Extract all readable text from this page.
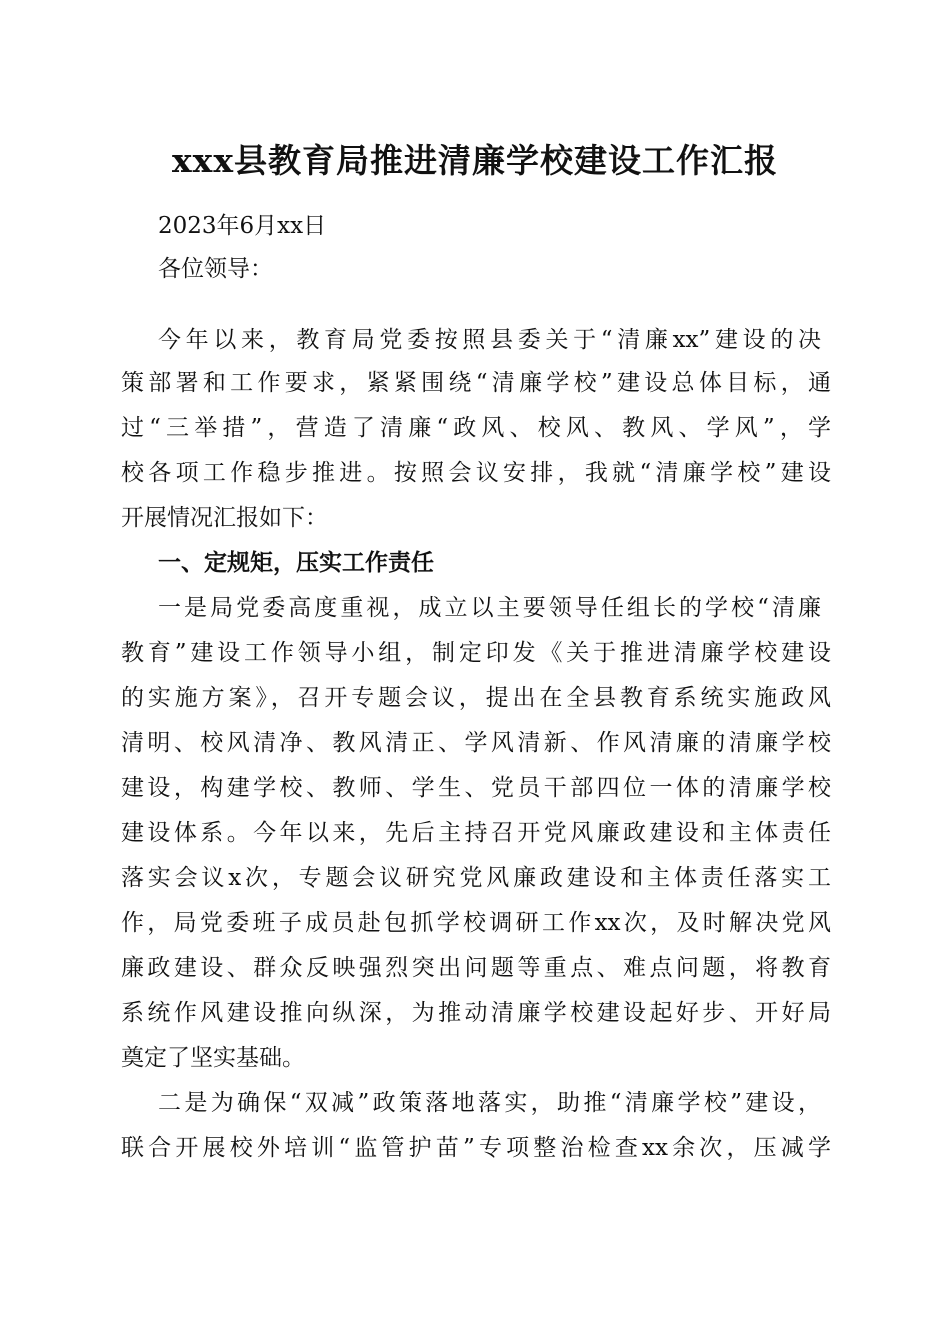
xxx县教育局推进清廉学校建设工作汇报
2023年6月xx日
各位领导：
今年以来，教育局党委按照县委关于“清廉xx”建设的决
策部署和工作要求，紧紧围绕“清廉学校”建设总体目标，通
过“三举措”，营造了清廉“政风、校风、教风、学风”，学
校各项工作稳步推进。按照会议安排，我就“清廉学校”建设
开展情况汇报如下：
一、定规矩，压实工作责任
一是局党委高度重视，成立以主要领导任组长的学校“清廉
教育”建设工作领导小组，制定印发《关于推进清廉学校建设
的实施方案》，召开专题会议，提出在全县教育系统实施政风
清明、校风清净、教风清正、学风清新、作风清廉的清廉学校
建设，构建学校、教师、学生、党员干部四位一体的清廉学校
建设体系。今年以来，先后主持召开党风廉政建设和主体责任
落实会议x次，专题会议研究党风廉政建设和主体责任落实工
作，局党委班子成员赴包抓学校调研工作xx次，及时解决党风
廉政建设、群众反映强烈突出问题等重点、难点问题，将教育
系统作风建设推向纵深，为推动清廉学校建设起好步、开好局
奠定了坚实基础。
二是为确保“双减”政策落地落实，助推“清廉学校”建设，
联合开展校外培训“监管护苗”专项整治检查xx余次，压减学
